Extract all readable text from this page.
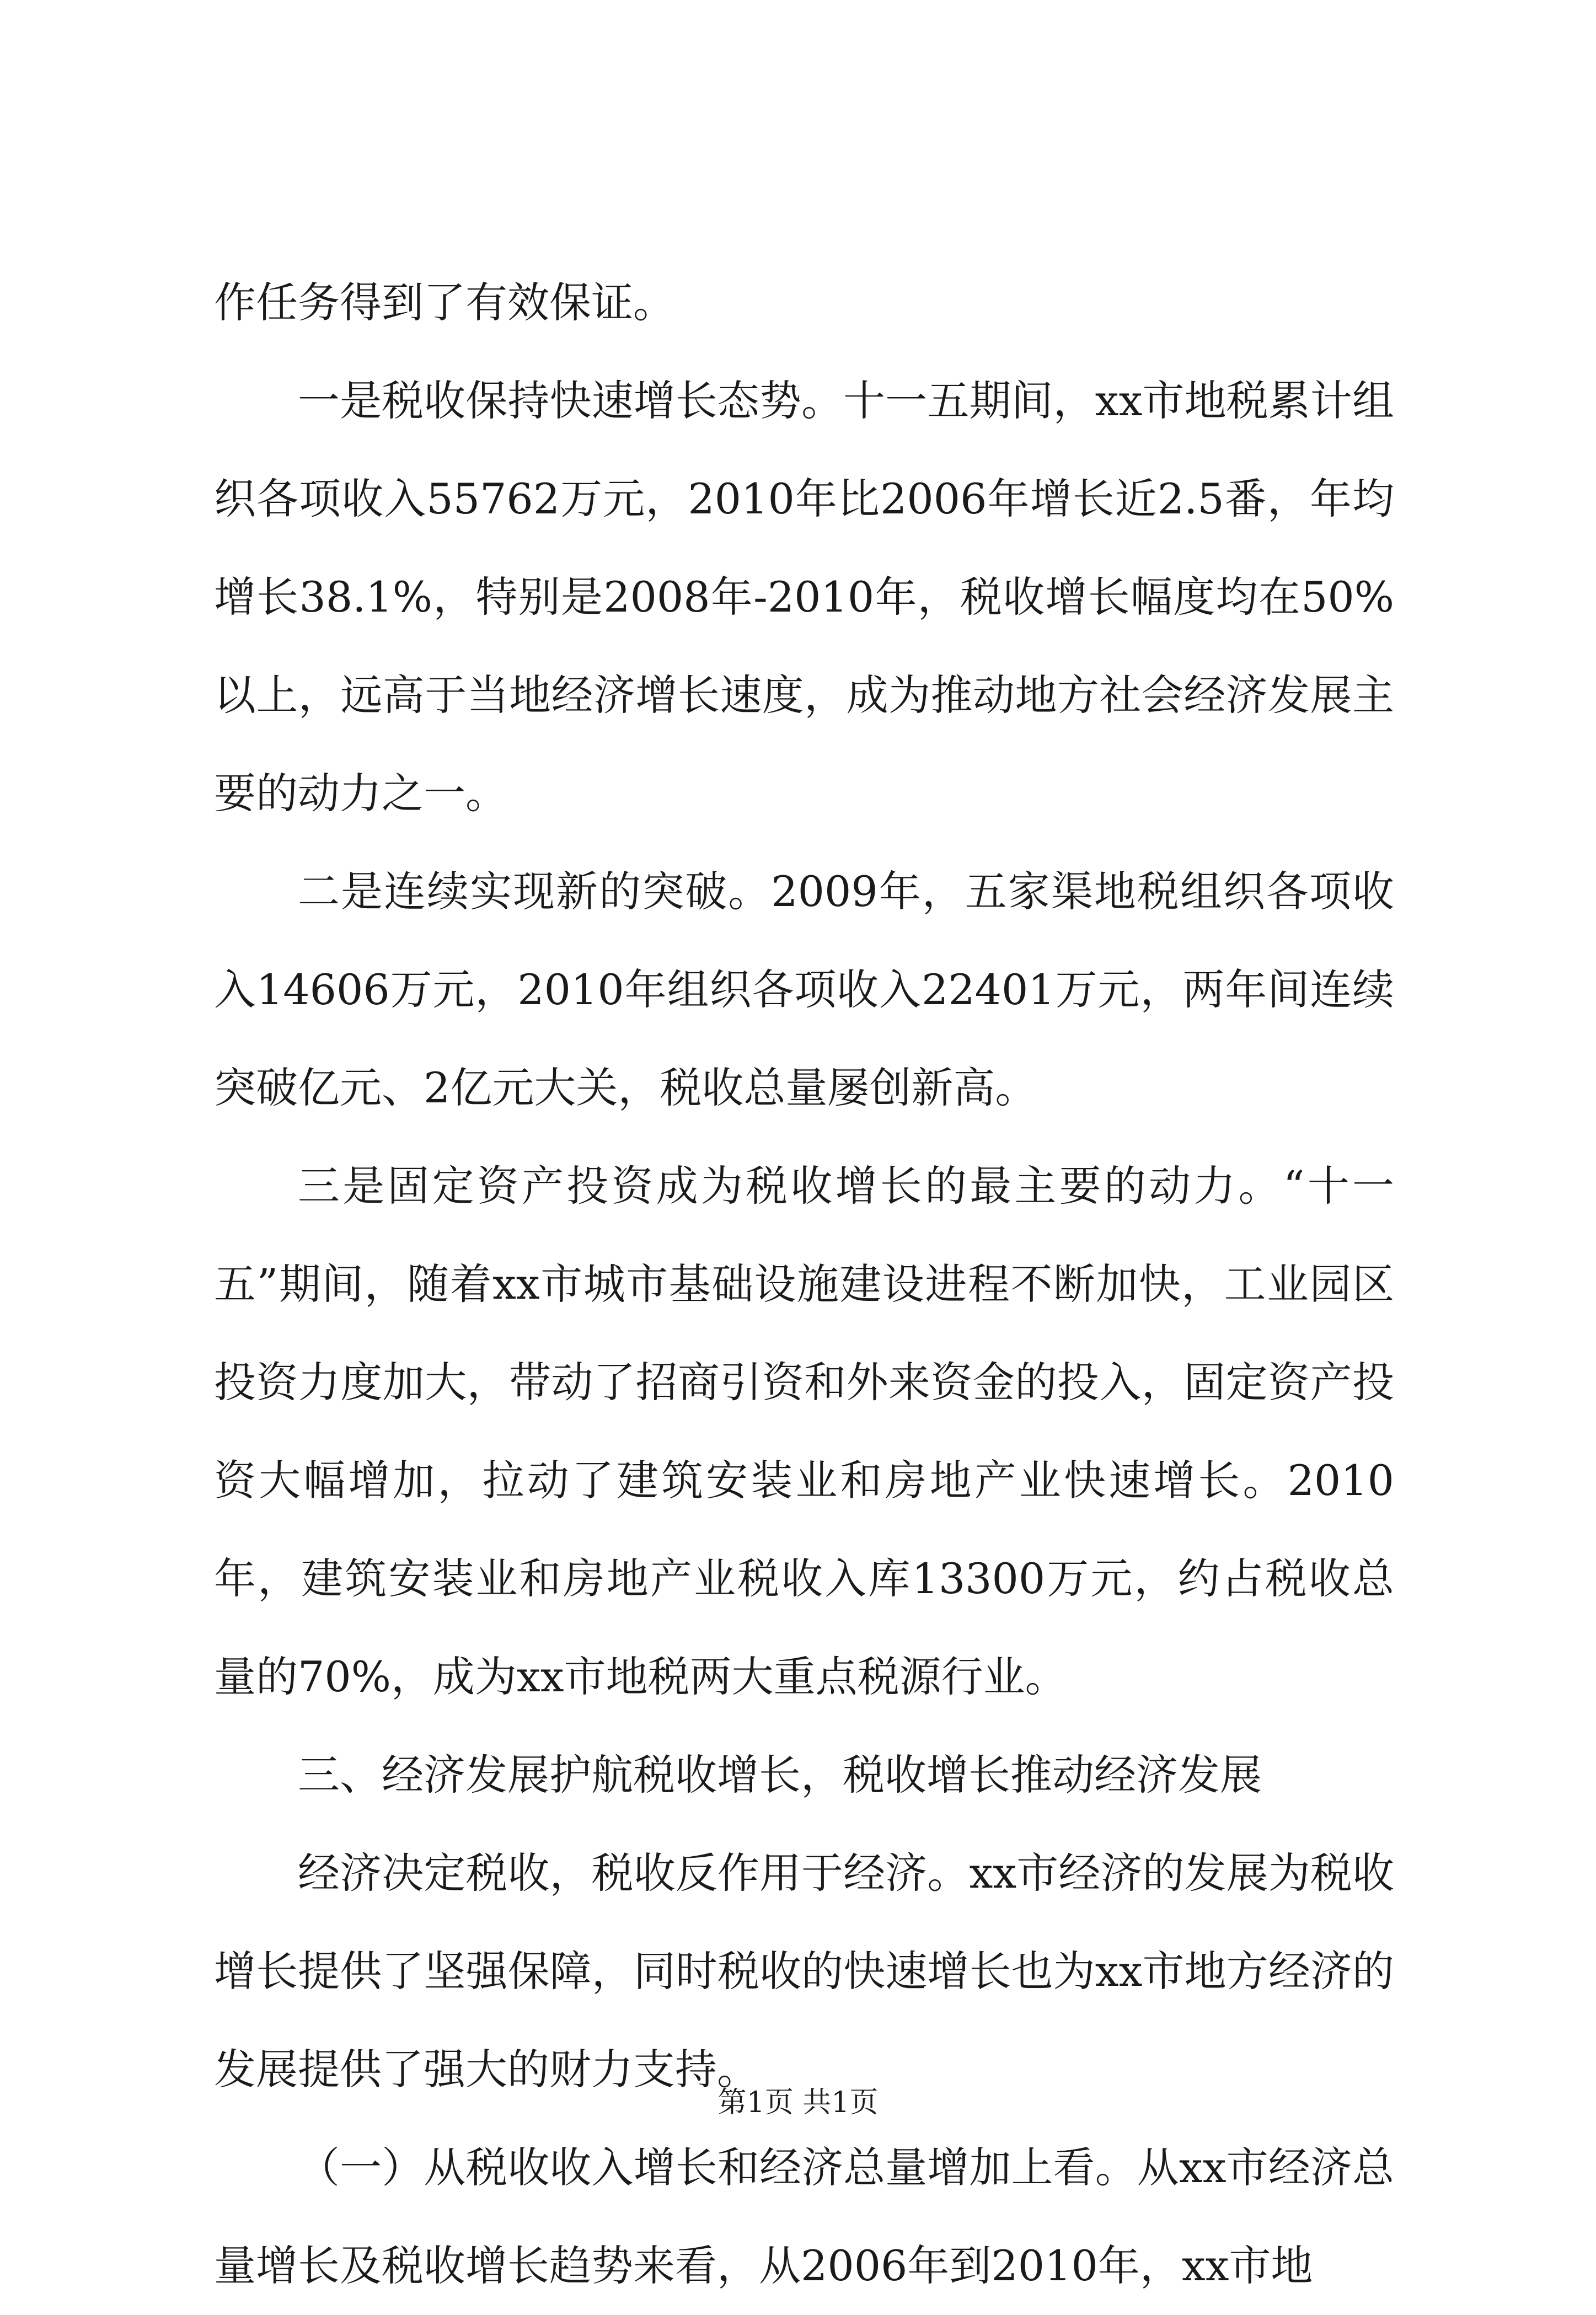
作任务得到了有效保证。

一是税收保持快速增长态势。十一五期间，xx市地税累计组织各项收入55762万元，2010年比2006年增长近2.5番，年均增长38.1%，特别是2008年-2010年，税收增长幅度均在50%以上，远高于当地经济增长速度，成为推动地方社会经济发展主要的动力之一。

二是连续实现新的突破。2009年，五家渠地税组织各项收入14606万元，2010年组织各项收入22401万元，两年间连续突破亿元、2亿元大关，税收总量屡创新高。

三是固定资产投资成为税收增长的最主要的动力。“十一五”期间，随着xx市城市基础设施建设进程不断加快，工业园区投资力度加大，带动了招商引资和外来资金的投入，固定资产投资大幅增加，拉动了建筑安装业和房地产业快速增长。2010年，建筑安装业和房地产业税收入库13300万元，约占税收总量的70%，成为xx市地税两大重点税源行业。

三、经济发展护航税收增长，税收增长推动经济发展

经济决定税收，税收反作用于经济。xx市经济的发展为税收增长提供了坚强保障，同时税收的快速增长也为xx市地方经济的发展提供了强大的财力支持。

（一）从税收收入增长和经济总量增加上看。从xx市经济总量增长及税收增长趋势来看，从2006年到2010年，xx市地

第1页 共1页
